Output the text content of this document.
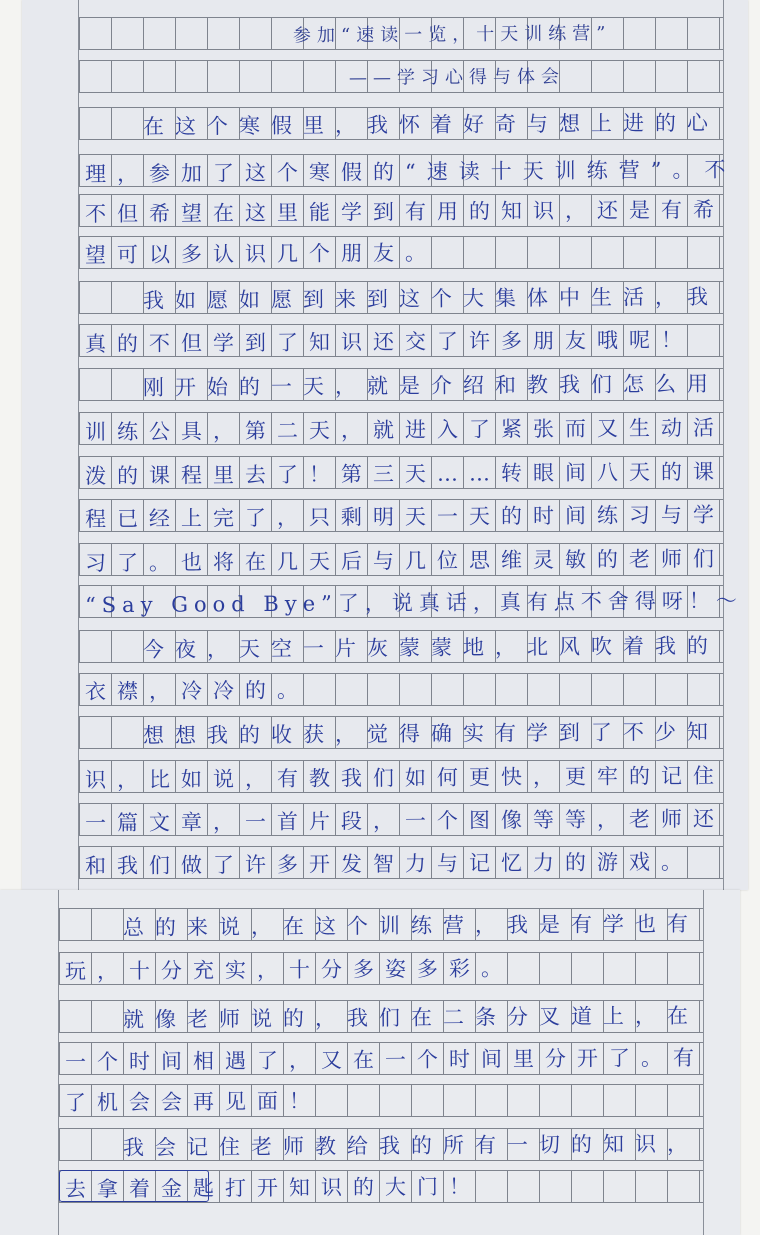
参加“速读一览，十天训练营”
——学习心得与体会
在这个寒假里，我怀着好奇与想上进的心
理，参加了这个寒假的“速读十天训练营”。不
不但希望在这里能学到有用的知识，还是有希
望可以多认识几个朋友。
我如愿如愿到来到这个大集体中生活，我
真的不但学到了知识还交了许多朋友哦呢！
刚开始的一天，就是介绍和教我们怎么用
训练公具，第二天，就进入了紧张而又生动活
泼的课程里去了！第三天……转眼间八天的课
程已经上完了，只剩明天一天的时间练习与学
习了。也将在几天后与几位思维灵敏的老师们
“Say Good Bye”了，说真话，真有点不舍得呀！～
今夜，天空一片灰蒙蒙地，北风吹着我的
衣襟，冷冷的。
想想我的收获，觉得确实有学到了不少知
识，比如说，有教我们如何更快，更牢的记住
一篇文章，一首片段，一个图像等等，老师还
和我们做了许多开发智力与记忆力的游戏。
总的来说，在这个训练营，我是有学也有
玩，十分充实，十分多姿多彩。
就像老师说的，我们在二条分叉道上，在
一个时间相遇了，又在一个时间里分开了。有
了机会会再见面！
我会记住老师教给我的所有一切的知识，
去拿着金匙打开知识的大门！
